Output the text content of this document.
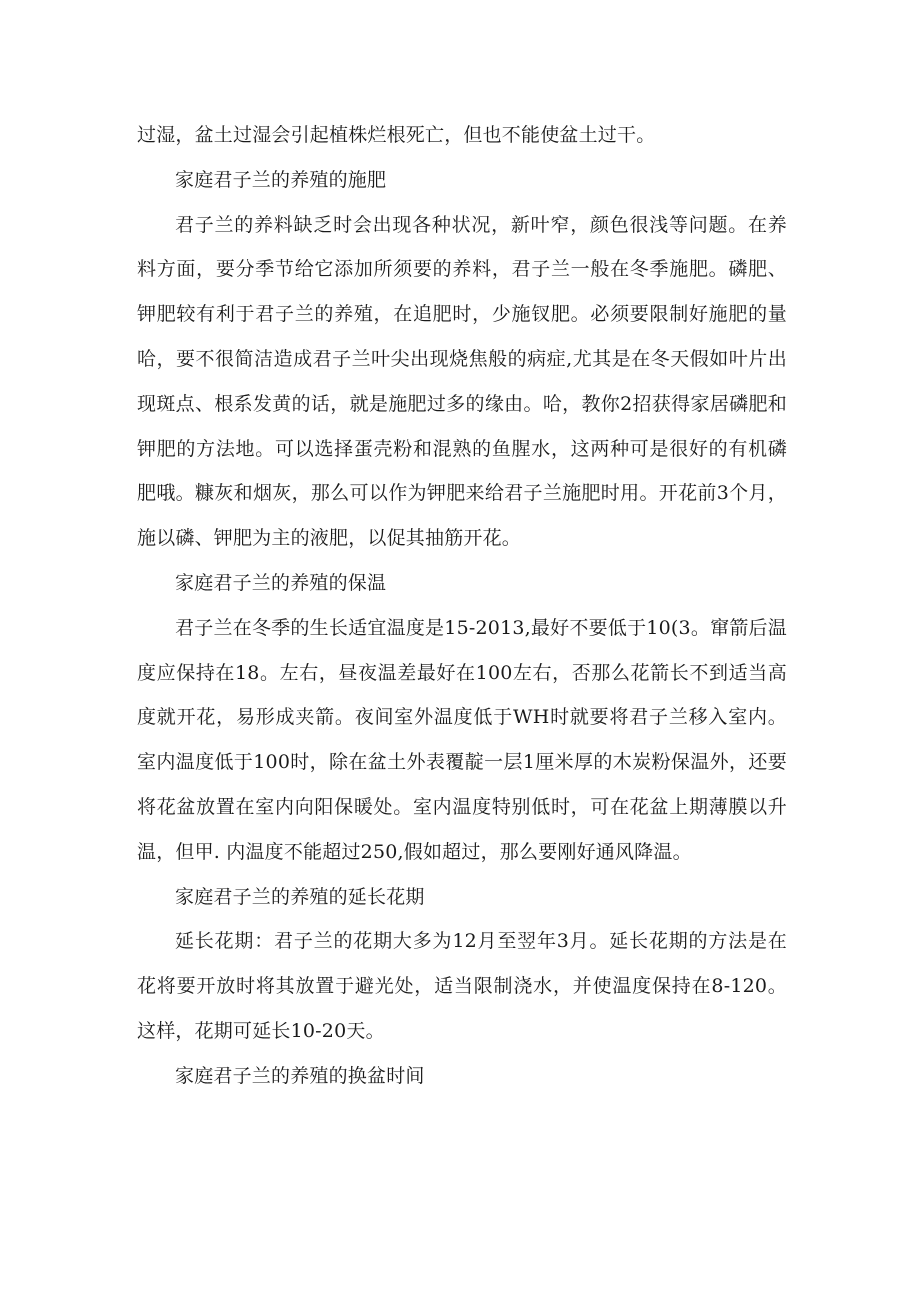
过湿，盆土过湿会引起植株烂根死亡，但也不能使盆土过干。

家庭君子兰的养殖的施肥

君子兰的养料缺乏时会出现各种状况，新叶窄，颜色很浅等问题。在养料方面，要分季节给它添加所须要的养料，君子兰一般在冬季施肥。磷肥、钾肥较有利于君子兰的养殖，在追肥时，少施钗肥。必须要限制好施肥的量哈，要不很简洁造成君子兰叶尖出现烧焦般的病症,尤其是在冬天假如叶片出现斑点、根系发黄的话，就是施肥过多的缘由。哈，教你2招获得家居磷肥和钾肥的方法地。可以选择蛋壳粉和混熟的鱼腥水，这两种可是很好的有机磷肥哦。糠灰和烟灰，那么可以作为钾肥来给君子兰施肥时用。开花前3个月，施以磷、钾肥为主的液肥，以促其抽筋开花。

家庭君子兰的养殖的保温

君子兰在冬季的生长适宜温度是15-2013,最好不要低于10(3。窜箭后温度应保持在18。左右，昼夜温差最好在100左右，否那么花箭长不到适当高度就开花，易形成夹箭。夜间室外温度低于WH时就要将君子兰移入室内。室内温度低于100时，除在盆土外表覆靛一层1厘米厚的木炭粉保温外，还要将花盆放置在室内向阳保暖处。室内温度特别低时，可在花盆上期薄膜以升温，但甲. 内温度不能超过250,假如超过，那么要刚好通风降温。

家庭君子兰的养殖的延长花期

延长花期：君子兰的花期大多为12月至翌年3月。延长花期的方法是在花将要开放时将其放置于避光处，适当限制浇水，并使温度保持在8-120。这样，花期可延长10-20天。

家庭君子兰的养殖的换盆时间
